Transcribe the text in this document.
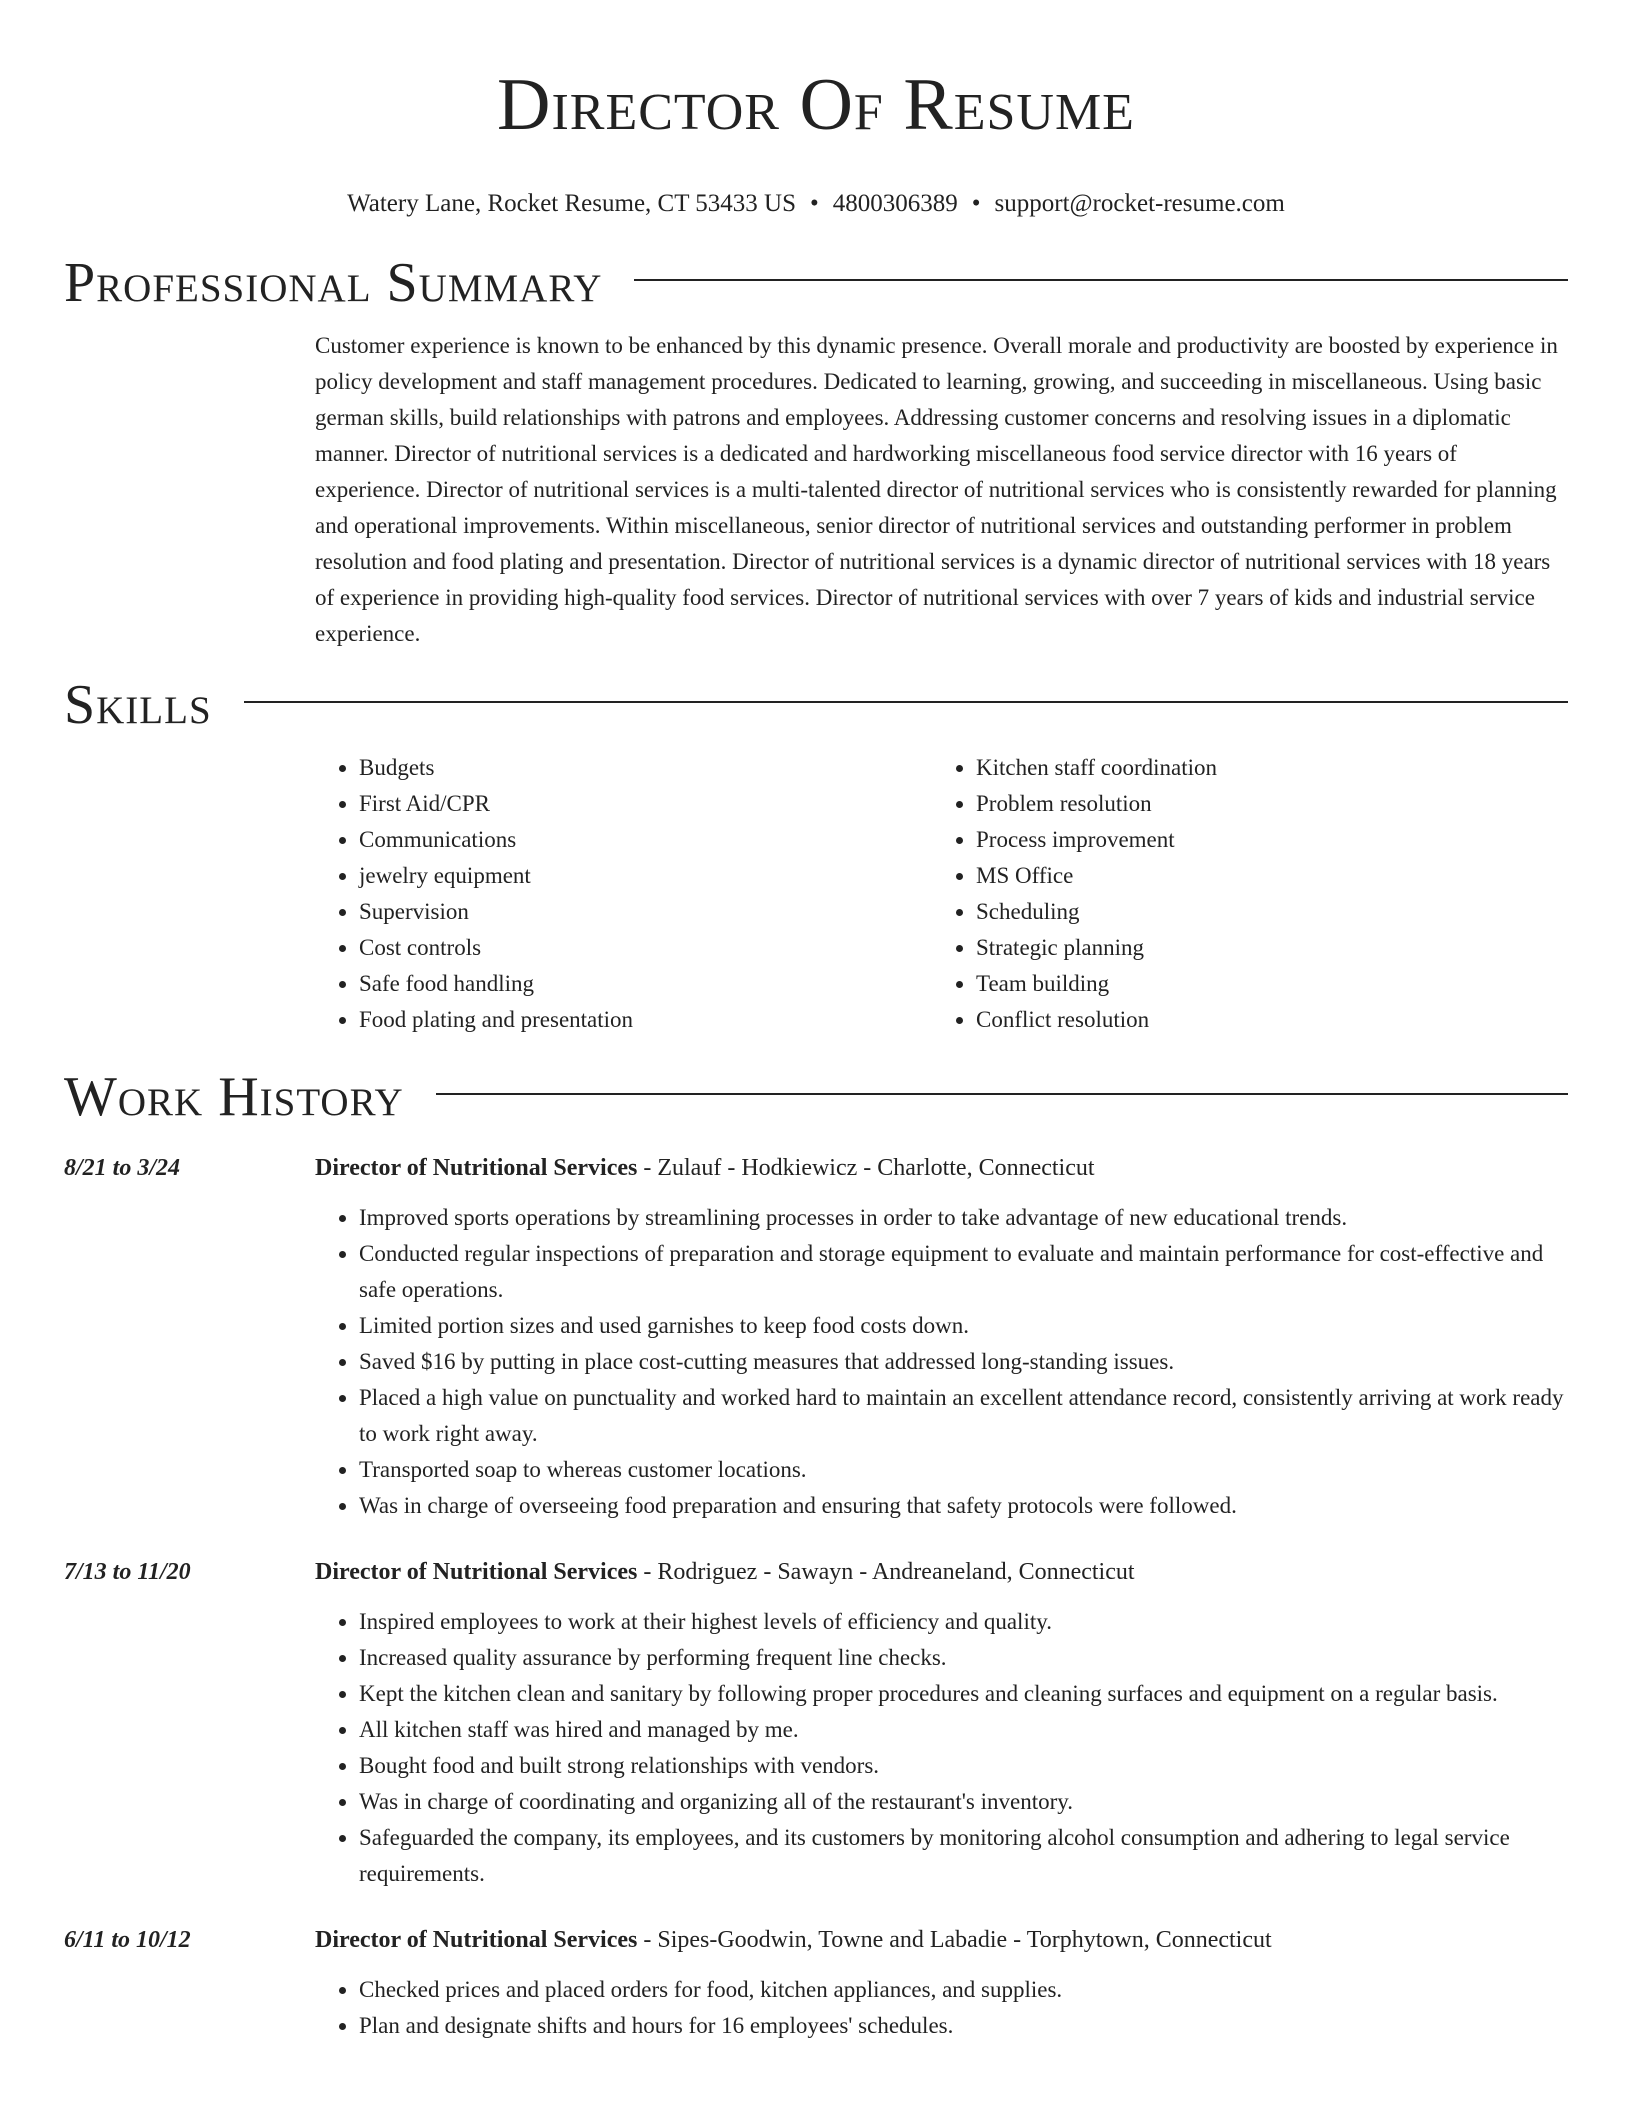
Director Of Resume
Watery Lane, Rocket Resume, CT 53433 US • 4800306389 • support@rocket-resume.com
Professional Summary
Customer experience is known to be enhanced by this dynamic presence. Overall morale and productivity are boosted by experience in policy development and staff management procedures. Dedicated to learning, growing, and succeeding in miscellaneous. Using basic german skills, build relationships with patrons and employees. Addressing customer concerns and resolving issues in a diplomatic manner. Director of nutritional services is a dedicated and hardworking miscellaneous food service director with 16 years of experience. Director of nutritional services is a multi-talented director of nutritional services who is consistently rewarded for planning and operational improvements. Within miscellaneous, senior director of nutritional services and outstanding performer in problem resolution and food plating and presentation. Director of nutritional services is a dynamic director of nutritional services with 18 years of experience in providing high-quality food services. Director of nutritional services with over 7 years of kids and industrial service experience.
Skills
• Budgets
• First Aid/CPR
• Communications
• jewelry equipment
• Supervision
• Cost controls
• Safe food handling
• Food plating and presentation
• Kitchen staff coordination
• Problem resolution
• Process improvement
• MS Office
• Scheduling
• Strategic planning
• Team building
• Conflict resolution
Work History
8/21 to 3/24	Director of Nutritional Services - Zulauf - Hodkiewicz - Charlotte, Connecticut
• Improved sports operations by streamlining processes in order to take advantage of new educational trends.
• Conducted regular inspections of preparation and storage equipment to evaluate and maintain performance for cost-effective and safe operations.
• Limited portion sizes and used garnishes to keep food costs down.
• Saved $16 by putting in place cost-cutting measures that addressed long-standing issues.
• Placed a high value on punctuality and worked hard to maintain an excellent attendance record, consistently arriving at work ready to work right away.
• Transported soap to whereas customer locations.
• Was in charge of overseeing food preparation and ensuring that safety protocols were followed.
7/13 to 11/20	Director of Nutritional Services - Rodriguez - Sawayn - Andreaneland, Connecticut
• Inspired employees to work at their highest levels of efficiency and quality.
• Increased quality assurance by performing frequent line checks.
• Kept the kitchen clean and sanitary by following proper procedures and cleaning surfaces and equipment on a regular basis.
• All kitchen staff was hired and managed by me.
• Bought food and built strong relationships with vendors.
• Was in charge of coordinating and organizing all of the restaurant's inventory.
• Safeguarded the company, its employees, and its customers by monitoring alcohol consumption and adhering to legal service requirements.
6/11 to 10/12	Director of Nutritional Services - Sipes-Goodwin, Towne and Labadie - Torphytown, Connecticut
• Checked prices and placed orders for food, kitchen appliances, and supplies.
• Plan and designate shifts and hours for 16 employees' schedules.
